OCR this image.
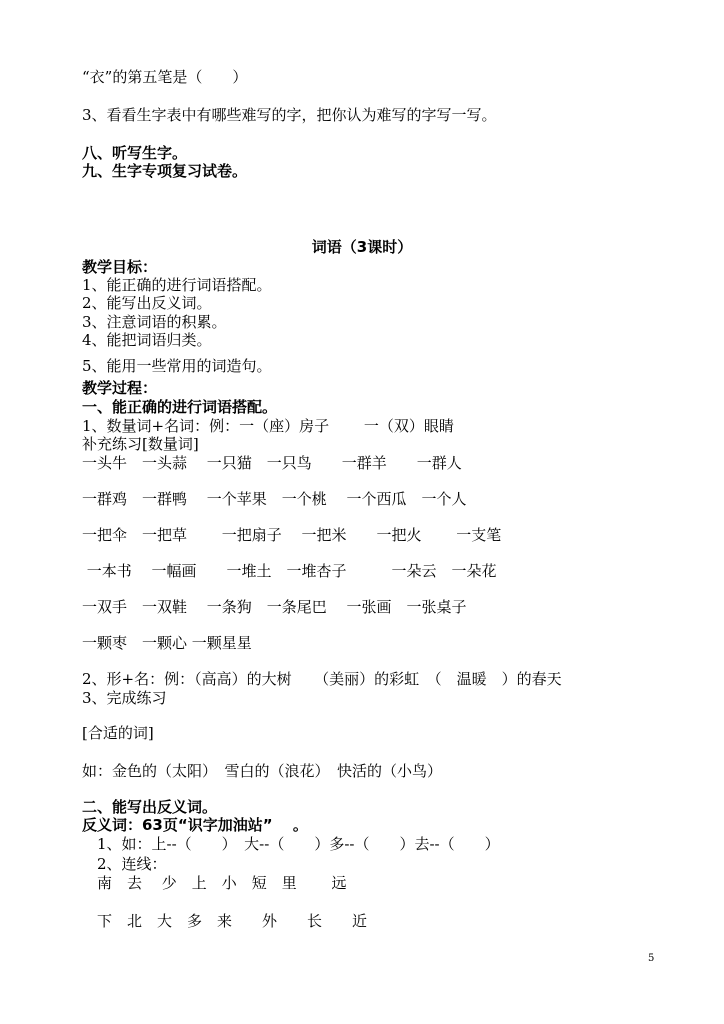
“衣”的第五笔是（　　）

3、看看生字表中有哪些难写的字，把你认为难写的字写一写。

八、听写生字。

九、生字专项复习试卷。

词语（3课时）

教学目标：

1、能正确的进行词语搭配。

2、能写出反义词。

3、注意词语的积累。

4、能把词语归类。

5、能用一些常用的词造句。

教学过程：

一、能正确的进行词语搭配。

1、数量词+名词：例：一（座）房子　　 一（双）眼睛

补充练习[数量词]

一头牛　一头蒜　 一只猫　一只鸟　　一群羊　　一群人

一群鸡　一群鸭　 一个苹果　一个桃　 一个西瓜　一个人

一把伞　一把草　　 一把扇子　 一把米　　一把火　　 一支笔

一本书　 一幅画　　一堆土　一堆杏子　　　一朵云　一朵花

一双手　一双鞋　 一条狗　一条尾巴　 一张画　一张桌子

一颗枣　一颗心 一颗星星

2、形+名：例：（高高）的大树　　（美丽）的彩虹　（　温暖　）的春天

3、完成练习

[合适的词]

如：金色的（太阳）　雪白的（浪花）　快活的（小鸟）

二、能写出反义词。

反义词：63页“识字加油站”　 。

　1、如：上--（　　）　大--（　　）多--（　　）去--（　　）

　2、连线：

　南　去　 少　上　小　短　里　　 远

　下　北　大　多　来　　外　　长　　近

5
